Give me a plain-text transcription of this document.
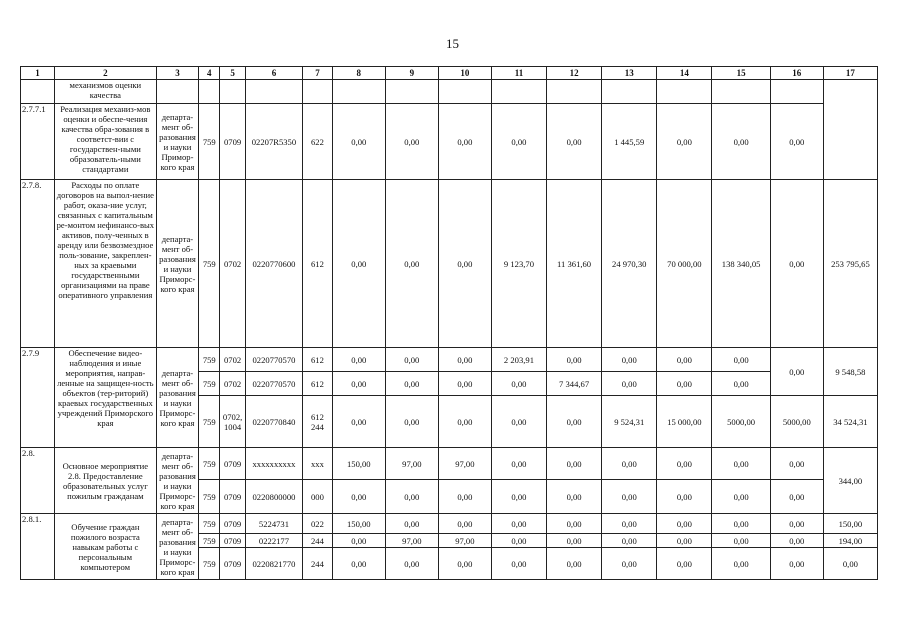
15
1	2	3	4	5	6	7	8	9	10	11	12	13	14	15	16	17
	механизмов оценки качества															
2.7.7.1	Реализация механиз-мов оценки и обеспе-чения качества обра-зования в соответст-вии с государствен-ными образователь-ными стандартами	департа-мент об-разования и науки Примор-кого края	759	0709	02207R5350	622	0,00	0,00	0,00	0,00	0,00	1 445,59	0,00	0,00	0,00	
2.7.8.	Расходы по оплате договоров на выпол-нение работ, оказа-ние услуг, связанных с капитальным ре-монтом нефинансо-вых активов, полу-ченных в аренду или безвозмездное поль-зование, закреплен-ных за краевыми государственными организациями на праве оперативного управления	департа-мент об-разования и науки Приморс-кого края	759	0702	0220770600	612	0,00	0,00	0,00	9 123,70	11 361,60	24 970,30	70 000,00	138 340,05	0,00	253 795,65
2.7.9	Обеспечение видео-наблюдения и иные мероприятия, направ-ленные на защищен-ность объектов (тер-риторий) краевых государственных учреждений Приморского края	департа-мент об-разования и науки Приморс-кого края	759	0702	0220770570	612	0,00	0,00	0,00	2 203,91	0,00	0,00	0,00	0,00	0,00	9 548,58
			759	0702	0220770570	612	0,00	0,00	0,00	0,00	7 344,67	0,00	0,00	0,00		
			759	0702, 1004	0220770840	612 244	0,00	0,00	0,00	0,00	0,00	9 524,31	15 000,00	5000,00	5000,00	34 524,31
2.8.	Основное мероприятие 2.8. Предоставление образовательных услуг пожилым гражданам	департа-мент об-разования и науки Приморс-кого края	759	0709	xxxxxxxxxx	xxx	150,00	97,00	97,00	0,00	0,00	0,00	0,00	0,00	0,00	344,00
			759	0709	0220800000	000	0,00	0,00	0,00	0,00	0,00	0,00	0,00	0,00	0,00	
2.8.1.	Обучение граждан пожилого возраста навыкам работы с персональным компьютером	департа-мент об-разования и науки Приморс-кого края	759	0709	5224731	022	150,00	0,00	0,00	0,00	0,00	0,00	0,00	0,00	0,00	150,00
			759	0709	0222177	244	0,00	97,00	97,00	0,00	0,00	0,00	0,00	0,00	0,00	194,00
			759	0709	0220821770	244	0,00	0,00	0,00	0,00	0,00	0,00	0,00	0,00	0,00	0,00
